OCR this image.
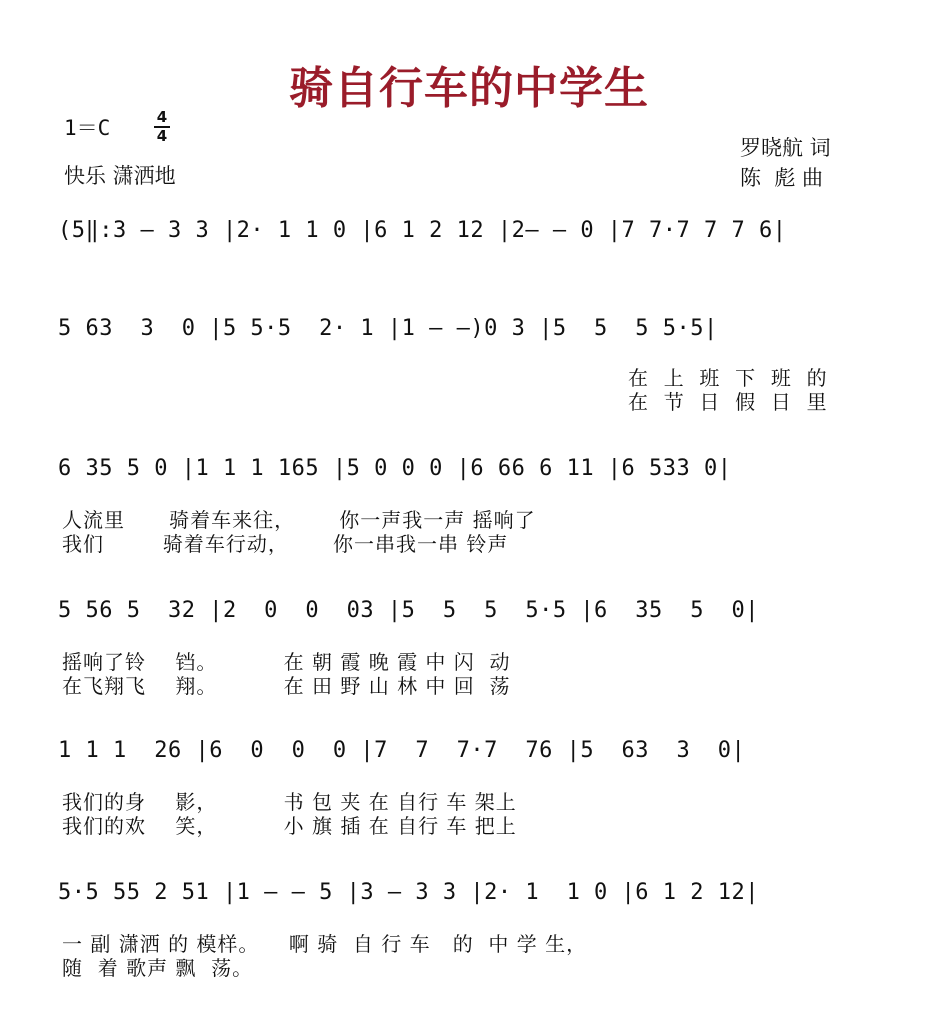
骑自行车的中学生
1＝C	4
4
快乐 潇洒地
罗晓航 词
陈  彪 曲
(5‖:3 – 3 3 |2· 1 1 0 |6 1 2 12 |2– – 0 |7 7·7 7 7 6|
5 63  3  0 |5 5·5  2· 1 |1 – –)0 3 |5  5  5 5·5|
在  上  班  下  班  的
在  节  日  假  日  里
6 35 5 0 |1 1 1 165 |5 0 0 0 |6 66 6 11 |6 533 0|
人流里      骑着车来往，      你一声我一声 摇响了
我们        骑着车行动，      你一串我一串 铃声
5 56 5  32 |2  0  0  03 |5  5  5  5·5 |6  35  5  0|
摇响了铃    铛。         在 朝 霞 晚 霞 中 闪  动
在飞翔飞    翔。         在 田 野 山 林 中 回  荡
1 1 1  26 |6  0  0  0 |7  7  7·7  76 |5  63  3  0|
我们的身    影，         书 包 夹 在 自行 车 架上
我们的欢    笑，         小 旗 插 在 自行 车 把上
5·5 55 2 51 |1 – – 5 |3 – 3 3 |2· 1  1 0 |6 1 2 12|
一 副 潇洒 的 模样。    啊 骑  自 行 车   的  中 学 生，
随  着 歌声 飘  荡。
